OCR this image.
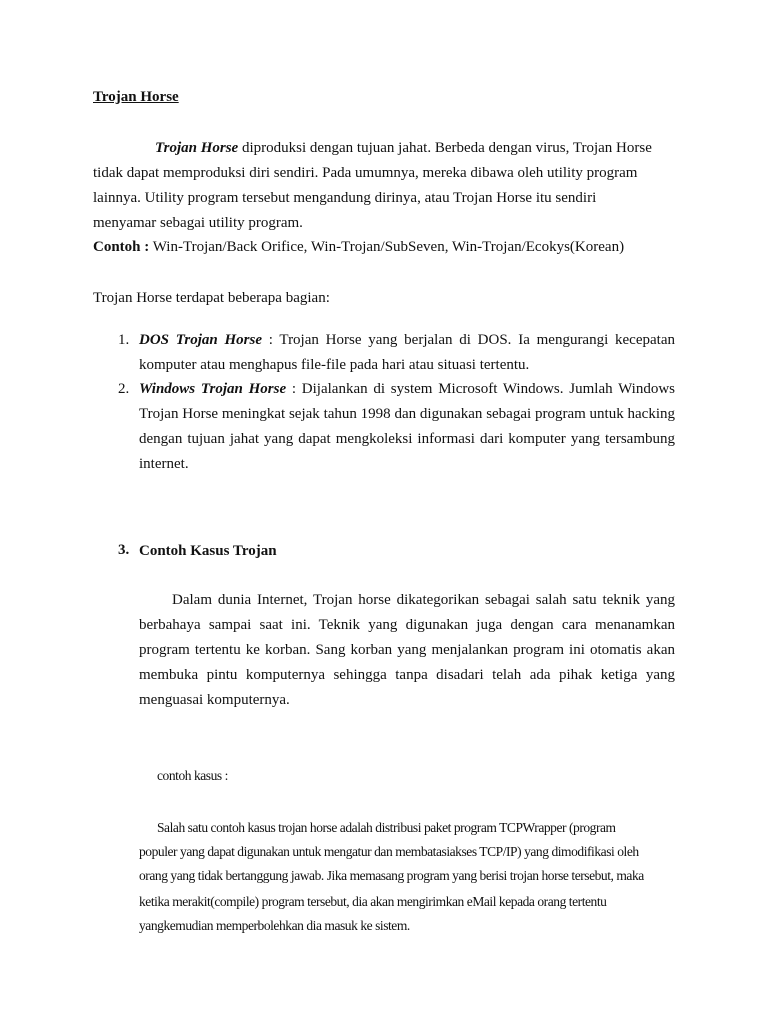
Trojan Horse
Trojan Horse diproduksi dengan tujuan jahat. Berbeda dengan virus, Trojan Horse
tidak dapat memproduksi diri sendiri. Pada umumnya, mereka dibawa oleh utility program
lainnya. Utility program tersebut mengandung dirinya, atau Trojan Horse itu sendiri
menyamar sebagai utility program.
Contoh : Win-Trojan/Back Orifice, Win-Trojan/SubSeven, Win-Trojan/Ecokys(Korean)
Trojan Horse terdapat beberapa bagian:
1. DOS Trojan Horse : Trojan Horse yang berjalan di DOS. Ia mengurangi kecepatan komputer atau menghapus file-file pada hari atau situasi tertentu.
2. Windows Trojan Horse : Dijalankan di system Microsoft Windows. Jumlah Windows Trojan Horse meningkat sejak tahun 1998 dan digunakan sebagai program untuk hacking dengan tujuan jahat yang dapat mengkoleksi informasi dari komputer yang tersambung internet.
3. Contoh Kasus Trojan
Dalam dunia Internet, Trojan horse dikategorikan sebagai salah satu teknik yang berbahaya sampai saat ini. Teknik yang digunakan juga dengan cara menanamkan program tertentu ke korban. Sang korban yang menjalankan program ini otomatis akan membuka pintu komputernya sehingga tanpa disadari telah ada pihak ketiga yang menguasai komputernya.
contoh kasus :
Salah satu contoh kasus trojan horse adalah distribusi paket program TCPWrapper (program
populer yang dapat digunakan untuk mengatur dan membatasiakses TCP/IP) yang dimodifikasi oleh
orang yang tidak bertanggung jawab. Jika memasang program yang berisi trojan horse tersebut, maka
ketika merakit(compile) program tersebut, dia akan mengirimkan eMail kepada orang tertentu
yangkemudian memperbolehkan dia masuk ke sistem.
